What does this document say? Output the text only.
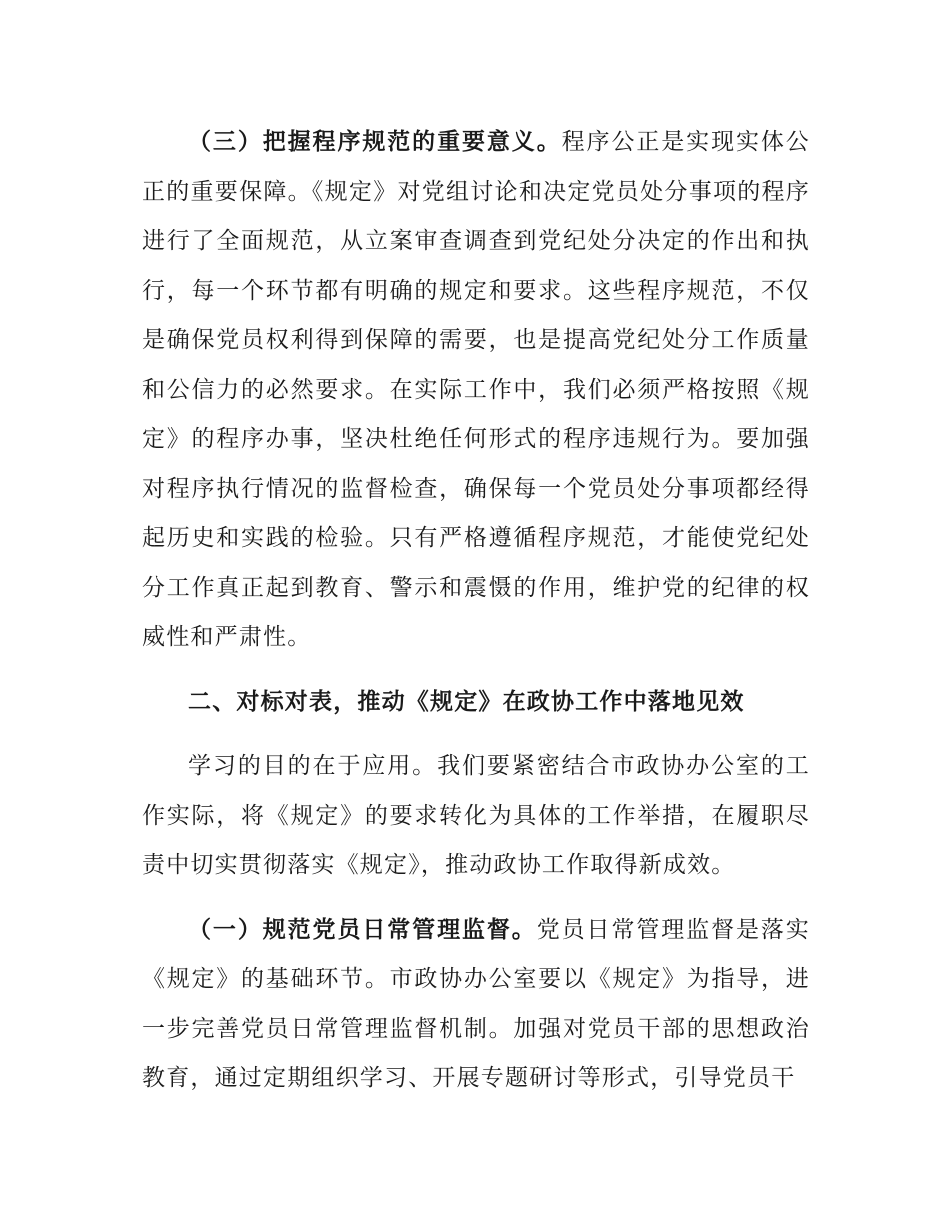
（三）把握程序规范的重要意义。程序公正是实现实体公正的重要保障。《规定》对党组讨论和决定党员处分事项的程序进行了全面规范，从立案审查调查到党纪处分决定的作出和执行，每一个环节都有明确的规定和要求。这些程序规范，不仅是确保党员权利得到保障的需要，也是提高党纪处分工作质量和公信力的必然要求。在实际工作中，我们必须严格按照《规定》的程序办事，坚决杜绝任何形式的程序违规行为。要加强对程序执行情况的监督检查，确保每一个党员处分事项都经得起历史和实践的检验。只有严格遵循程序规范，才能使党纪处分工作真正起到教育、警示和震慑的作用，维护党的纪律的权威性和严肃性。

二、对标对表，推动《规定》在政协工作中落地见效

学习的目的在于应用。我们要紧密结合市政协办公室的工作实际，将《规定》的要求转化为具体的工作举措，在履职尽责中切实贯彻落实《规定》，推动政协工作取得新成效。

（一）规范党员日常管理监督。党员日常管理监督是落实《规定》的基础环节。市政协办公室要以《规定》为指导，进一步完善党员日常管理监督机制。加强对党员干部的思想政治教育，通过定期组织学习、开展专题研讨等形式，引导党员干
